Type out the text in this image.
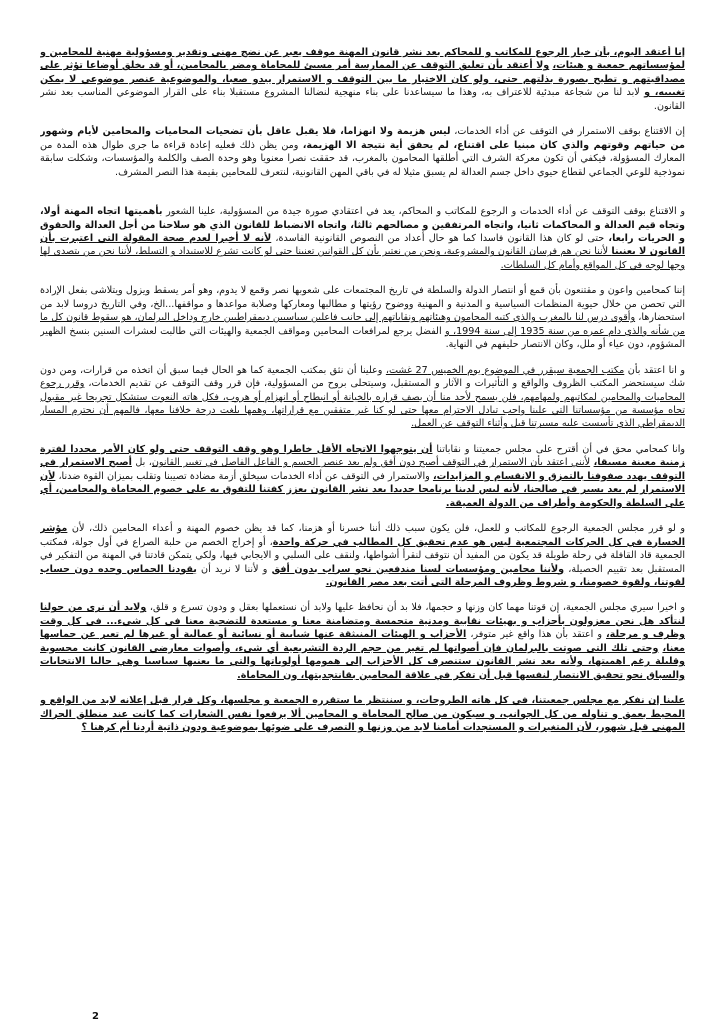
إنا أعتقد اليوم، بأن خيار الرجوع للمكاتب و للمحاكم بعد نشر قانون المهنة موقف يعبر عن نضج مهني وتقدير ومسؤولية مهنية للمحامين و لمؤسساتهم جمعية و هيئات، ولا أعتقد بأن تعليق التوقف عن الممارسة أمر مسيئ للمحاماة ومضر بالمحامين، أو قد يخلق أوضاعا تؤثر على مصداقيتهم و تطيح بصورة بذلتهم حتى، ولو كان الاختيار ما بين التوقف و الاستمرار يبدو صعبا، والموضوعية عنصر موضوعي لا يمكن تغييبه، و لابد لنا من شجاعة مبدئية للاعتراف به، وهذا ما سيساعدنا على بناء منهجية لنضالنا المشروع مستقبلا بناء على القرار الموضوعي المناسب بعد نشر القانون.

إن الاقتناع بوقف الاستمرار في التوقف عن أداء الخدمات، ليس هزيمة ولا انهزاما، فلا يقبل عاقل بأن تضحيات المحاميات والمحامين لأيام وشهور من حياتهم وقوتهم والذي كان مبنيا على اقتناع، لم يحقق أية نتيجة الا الهزيمة، ومن يظن ذلك فعليه إعادة قراءة ما جرى طوال هذه المدة من المعارك المسؤولة، فيكفي أن تكون معركة الشرف التي أطلقها المحامون بالمغرب، قد حققت نصرا معنويا وهو وحدة الصف والكلمة والمؤسسات، وشكلت سابقة نموذجية للوعي الجماعي لقطاع حيوي داخل جسم العدالة لم يسبق مثيلا له في باقي المهن القانونية، لنتعرف للمحامين بقيمة هذا النصر المشرف.

و الاقتناع بوقف التوقف عن أداء الخدمات و الرجوع للمكاتب و المحاكم، يعد في اعتقادي صورة جيدة من المسؤولية، علينا الشعور بأهميتها اتجاه المهنة أولا، وتجاه قيم العدالة و المحاكمات ثانيا، واتجاه المرتفقين و مصالحهم ثالثا، واتجاه الانضباط للقانون الذي هو سلاحنا من أجل العدالة والحقوق و الحريات رابعا، حتى لو كان هذا القانون فاسدا كما هو حال أعداد من النصوص القانونية الفاسدة، لأنه لا أخيرا لعدم صحة المقولة التي اعتبرت بأن القانون لا يعنينا لأننا نحن هم فرسان القانون والمشروعية، ونحن من نعتبر بأن كل القوانين تعنينا حتى لو كانت تشرع للاستبداد و التسلط، لأننا نحن من يتصدى لها وجها لوجه في كل المواقع وأمام كل السلطات.

إننا كمحامين واعون و مقتنعون بأن قمع أو انتصار الدولة والسلطة في تاريخ المجتمعات على شعوبها نصر وقمع لا يدوم، وهو أمر يسقط ويزول ويتلاشى بفعل الإرادة التي تحصن من خلال حيوية المنظمات السياسية و المدنية و المهنية ووضوح رؤيتها و مطالبها ومعاركها وصلابة مواعدها و مواقفها...الخ، وفي التاريخ دروسا لابد من استحضارها، وأقوى درس لنا بالمغرب والذي كتبه المحامون وهيئاتهم ونقاباتهم إلى جانب فاعلين سياسيين ديمقراطيين خارج وداخل البرلمان، هو سقوط قانون كل ما من شأنه والذي دام عمره من سنة 1935 إلى سنة 1994، و الفضل يرجع لمرافعات المحامين ومواقف الجمعية والهيئات التي طالبت لعشرات السنين بنسخ الظهير المشؤوم، دون عياء أو ملل، وكان الانتصار حليفهم في النهاية.

و انا اعتقد بأن مكتب الجمعية سيقرر في الموضوع يوم الخميس 27 غشت، وعلينا أن نثق بمكتب الجمعية كما هو الحال فيما سبق أن اتخذه من قرارات، ومن دون شك سيستحضر المكتب الظروف والواقع و التأثيرات و الآثار و المستقبل، وسيتحلى بروح من المسؤولية، فإن قرر وقف التوقف عن تقديم الخدمات، وقرر رجوع المحاميات والمحامين لمكاتبهم ولمهامهم، فلن يسمح لأحد منا أن يصف قراره بالخيانة أو انبطاح أو انهزام أو هروب، فكل هاته النعوت ستشكل تجريحا غير مقبول تجاه مؤسسة من مؤسساتنا التي علينا واجب تبادل الاحترام معها حتى لو كنا غير متفقين مع قراراتها، وهمها بلغت درجة خلافنا معها، فالمهم أن نحترم المسار الديمقراطي الذي تأسست عليه مسيرتنا قبل وأثناء التوقف عن العمل.

وانا كمحامي محق في أن أقترح على مجلس جمعيتنا و نقاباتنا أن يتوجهوا الاتجاه الأقل خاطرا وهو وقف التوقف حتى ولو كان الأمر محددا لفترة زمنية معينة مسبقا، لأنني اعتقد بأن الاستمرار في التوقف أصبح دون أفق ولم يعد عنصر الحسم و الفاعل الفاصل في تغيير القانون، بل أصبح الاستمرار في التوقف يهدد صفوفنا بالتمزق و الانقسام و المزايدات، والاستمرار في التوقف عن أداء الخدمات سيخلق أزمة مضادة تصيبنا وتقلب بميزان القوة ضدنا، لأن الاستمرار لم يعد يسير في صالحنا، لأنه ليس لدينا برنامجا جديدا بعد نشر القانون يعزز كفتنا للتفوق به على خصوم المحاماة والمحامين، أي على السلطة والحكومة وأطراف من الدولة العميقة.

و لو قرر مجلس الجمعية الرجوع للمكاتب و للعمل، فلن يكون سبب ذلك أننا خسرنا أو هزمنا، كما قد يظن خصوم المهنة و أعداء المحامين ذلك، لأن مؤشر الخسارة في كل الحركات المجتمعية ليس هو عدم تحقيق كل المطالب في حركة واحدة، أو إخراج الخصم من حلبة الصراع في أول جولة، فمكتب الجمعية قاد القافلة في رحلة طويلة قد يكون من المفيد أن نتوقف لنقرأ أشواطها، ولنقف على السلبي و الايجابي فيها، ولكي يتمكن قادتنا في المهنة من التفكير في المستقبل بعد تقييم الحصيلة، ولأننا محامين ومؤسسات لسنا مندفعين نحو سراب بدون أفق و لأننا لا نريد أن يقودنا الحماس وحده دون حساب لقوتنا، ولقوة خصومنا، و شروط وظروف المرحلة التي أتت بعد مصر القانون.

و اخيرا سيري مجلس الجمعية، إن قوتنا مهما كان وزنها و حجمها، فلا بد أن نحافظ عليها ولابد أن نستعملها بعقل و ودون تسرع و قلق، ولابد أن نرى من حولنا لنتأكد هل نحن معزولون بأحزاب و بهيئات نقابية ومدنية متحمسة ومتضامنة معنا و مستعدة للتضحية معنا في كل شيء... في كل وقت وظرف و مرحلة، و اعتقد بأن هذا واقع غير متوفر، الأحزاب و الهيئات المنبثقة عنها شبابية أو نسائية أو عمالية أو غيرها لم تعبر عن حماسها معنا، وحتى تلك التي صوتت بالبرلمان فإن أصواتها لم تغير من حجم الردة التشريعية أي شيء، وأصوات معارضي القانون كانت محسوبة وقليلة رغم اهميتها، ولأنه بعد نشر القانون ستنصرف كل الأحزاب إلى همومها أولوياتها والتي ما يعنيها سياسيا وهي حاليا الانتخابات والسباق نحو تحقيق الانتصار لنفسها قبل أن تفكر في علاقة المحامين بقانتجديتها، ون المحاماة.

علينا إن نفكر مع مجلس جمعيتنا، في كل هاته الطروحات، و سننتظر ما ستقرره الجمعية و مجلسها، وكل قرار قبل إعلانه لابد من الواقع و المحيط بعمق و تناوله من كل الجوانب، و سيكون من صالح المحاماة و المحامين ألا يرفعوا نفس الشعارات كما كانت عند منطلق الحراك المهني قبل شهور، لأن المتغيرات و المستجدات أمامنا لابد من وزنها و التصرف على ضوئها بموضوعية ودون ذاتية أردنا أم كرهنا ؟

2
